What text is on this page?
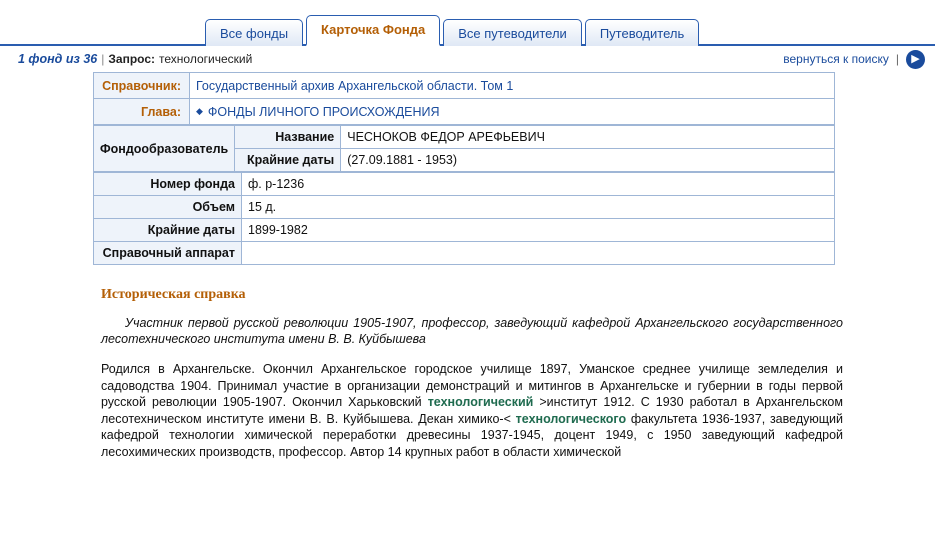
Все фонды	Карточка Фонда	Все путеводители	Путеводитель
1 фонд из 36 | Запрос: технологический	вернуться к поиску |	▶
Справочник:	Государственный архив Архангельской области. Том 1
Глава:	◆ ФОНДЫ ЛИЧНОГО ПРОИСХОЖДЕНИЯ
Фондообразователь	Название	ЧЕСНОКОВ ФЕДОР АРЕФЬЕВИЧ
	Крайние даты	(27.09.1881 - 1953)
Номер фонда	ф. р-1236
Объем	15 д.
Крайние даты	1899-1982
Справочный аппарат	
Историческая справка
Участник первой русской революции 1905-1907, профессор, заведующий кафедрой Архангельского государственного лесотехнического института имени В. В. Куйбышева
Родился в Архангельске. Окончил Архангельское городское училище 1897, Уманское среднее училище земледелия и садоводства 1904. Принимал участие в организации демонстраций и митингов в Архангельске и губернии в годы первой русской революции 1905-1907. Окончил Харьковский технологический >институт 1912. С 1930 работал в Архангельском лесотехническом институте имени В. В. Куйбышева. Декан химико-< технологического факультета 1936-1937, заведующий кафедрой технологии химической переработки древесины 1937-1945, доцент 1949, с 1950 заведующий кафедрой лесохимических производств, профессор. Автор 14 крупных работ в области химической
